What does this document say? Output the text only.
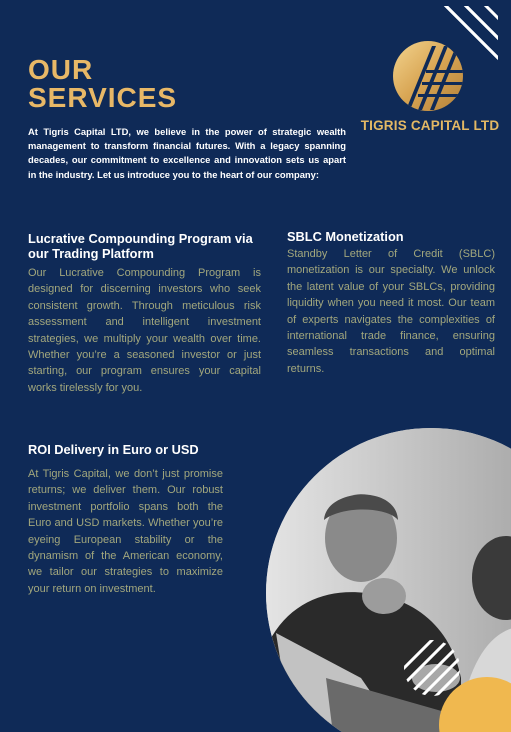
TIGRIS CAPITAL LTD
OUR
SERVICES
At Tigris Capital LTD, we believe in the power of strategic wealth management to transform financial futures. With a legacy spanning decades, our commitment to excellence and innovation sets us apart in the industry. Let us introduce you to the heart of our company:
Lucrative Compounding Program via our Trading Platform
Our Lucrative Compounding Program is designed for discerning investors who seek consistent growth. Through meticulous risk assessment and intelligent investment strategies, we multiply your wealth over time. Whether you’re a seasoned investor or just starting, our program ensures your capital works tirelessly for you.
SBLC Monetization
Standby Letter of Credit (SBLC) monetization is our specialty. We unlock the latent value of your SBLCs, providing liquidity when you need it most. Our team of experts navigates the complexities of international trade finance, ensuring seamless transactions and optimal returns.
ROI Delivery in Euro or USD
At Tigris Capital, we don’t just promise returns; we deliver them. Our robust investment portfolio spans both the Euro and USD markets. Whether you’re eyeing European stability or the dynamism of the American economy, we tailor our strategies to maximize your return on investment.
